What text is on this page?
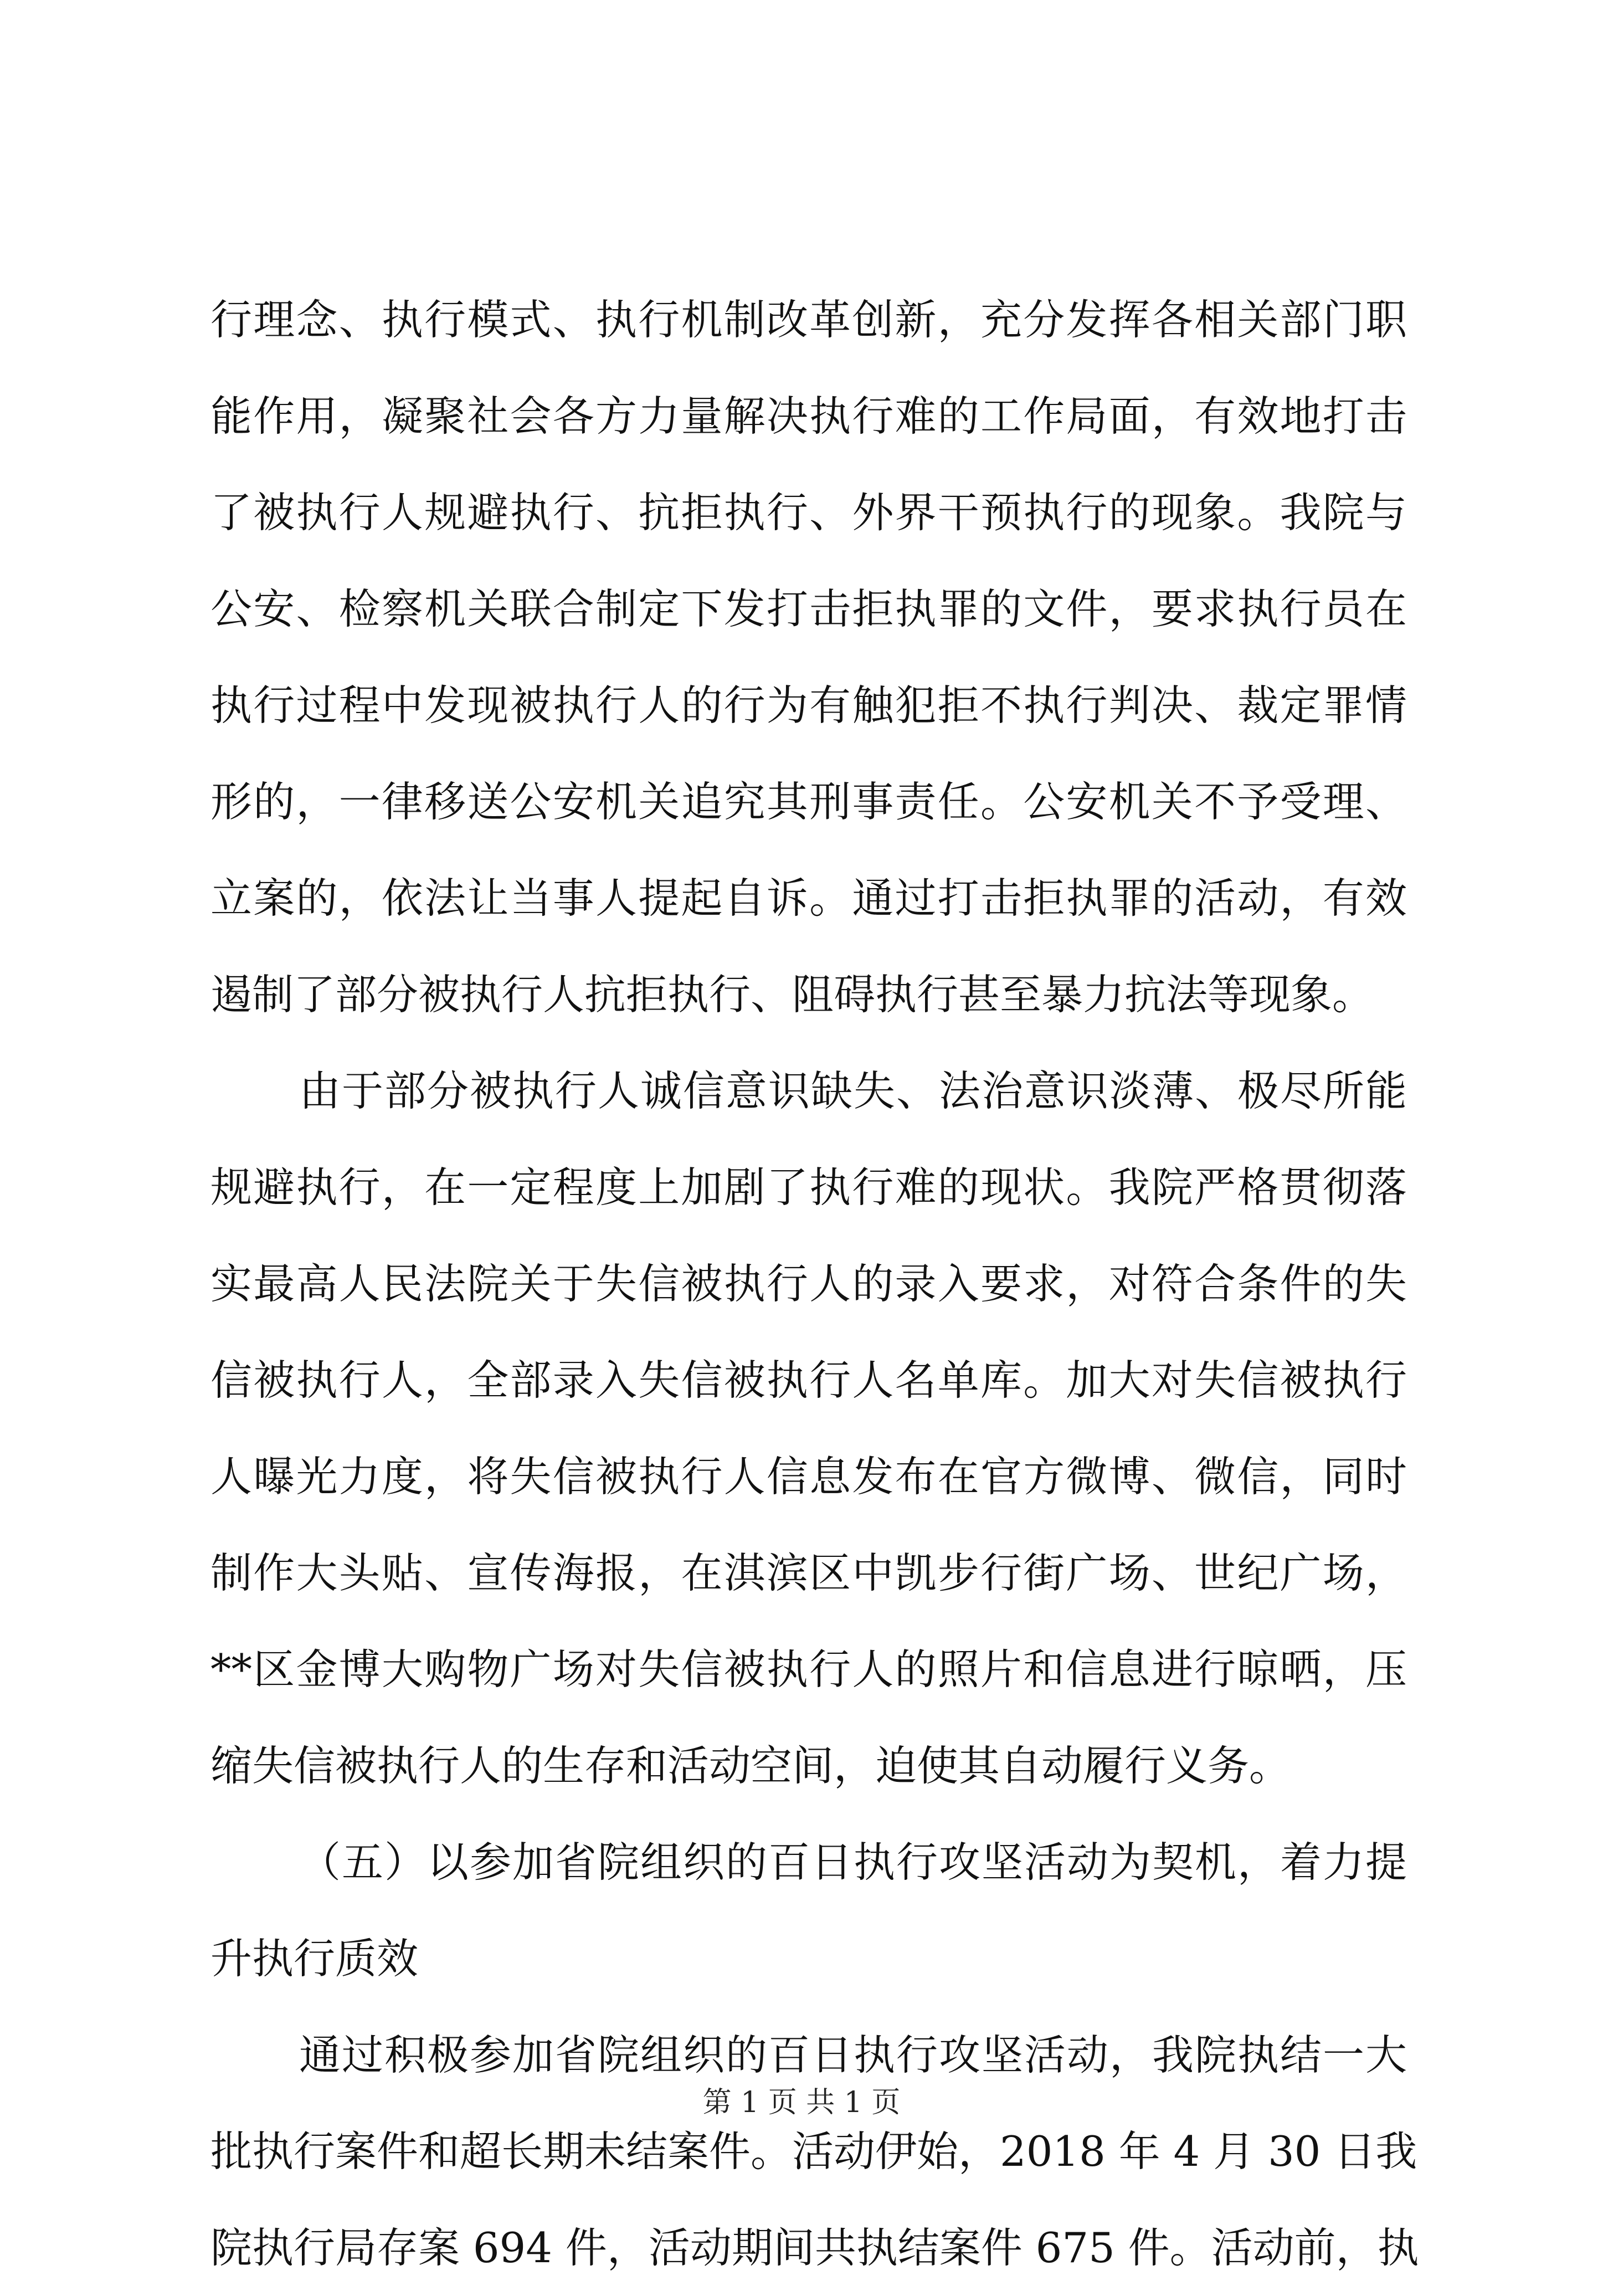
行理念、执行模式、执行机制改革创新，充分发挥各相关部门职
能作用，凝聚社会各方力量解决执行难的工作局面，有效地打击
了被执行人规避执行、抗拒执行、外界干预执行的现象。我院与
公安、检察机关联合制定下发打击拒执罪的文件，要求执行员在
执行过程中发现被执行人的行为有触犯拒不执行判决、裁定罪情
形的，一律移送公安机关追究其刑事责任。公安机关不予受理、
立案的，依法让当事人提起自诉。通过打击拒执罪的活动，有效
遏制了部分被执行人抗拒执行、阻碍执行甚至暴力抗法等现象。
由于部分被执行人诚信意识缺失、法治意识淡薄、极尽所能
规避执行，在一定程度上加剧了执行难的现状。我院严格贯彻落
实最高人民法院关于失信被执行人的录入要求，对符合条件的失
信被执行人，全部录入失信被执行人名单库。加大对失信被执行
人曝光力度，将失信被执行人信息发布在官方微博、微信，同时
制作大头贴、宣传海报，在淇滨区中凯步行街广场、世纪广场，
**区金博大购物广场对失信被执行人的照片和信息进行晾晒，压
缩失信被执行人的生存和活动空间，迫使其自动履行义务。
（五）以参加省院组织的百日执行攻坚活动为契机，着力提
升执行质效
通过积极参加省院组织的百日执行攻坚活动，我院执结一大
批执行案件和超长期未结案件。活动伊始，2018 年 4 月 30 日我
院执行局存案 694 件，活动期间共执结案件 675 件。活动前，执
第 1 页 共 1 页
